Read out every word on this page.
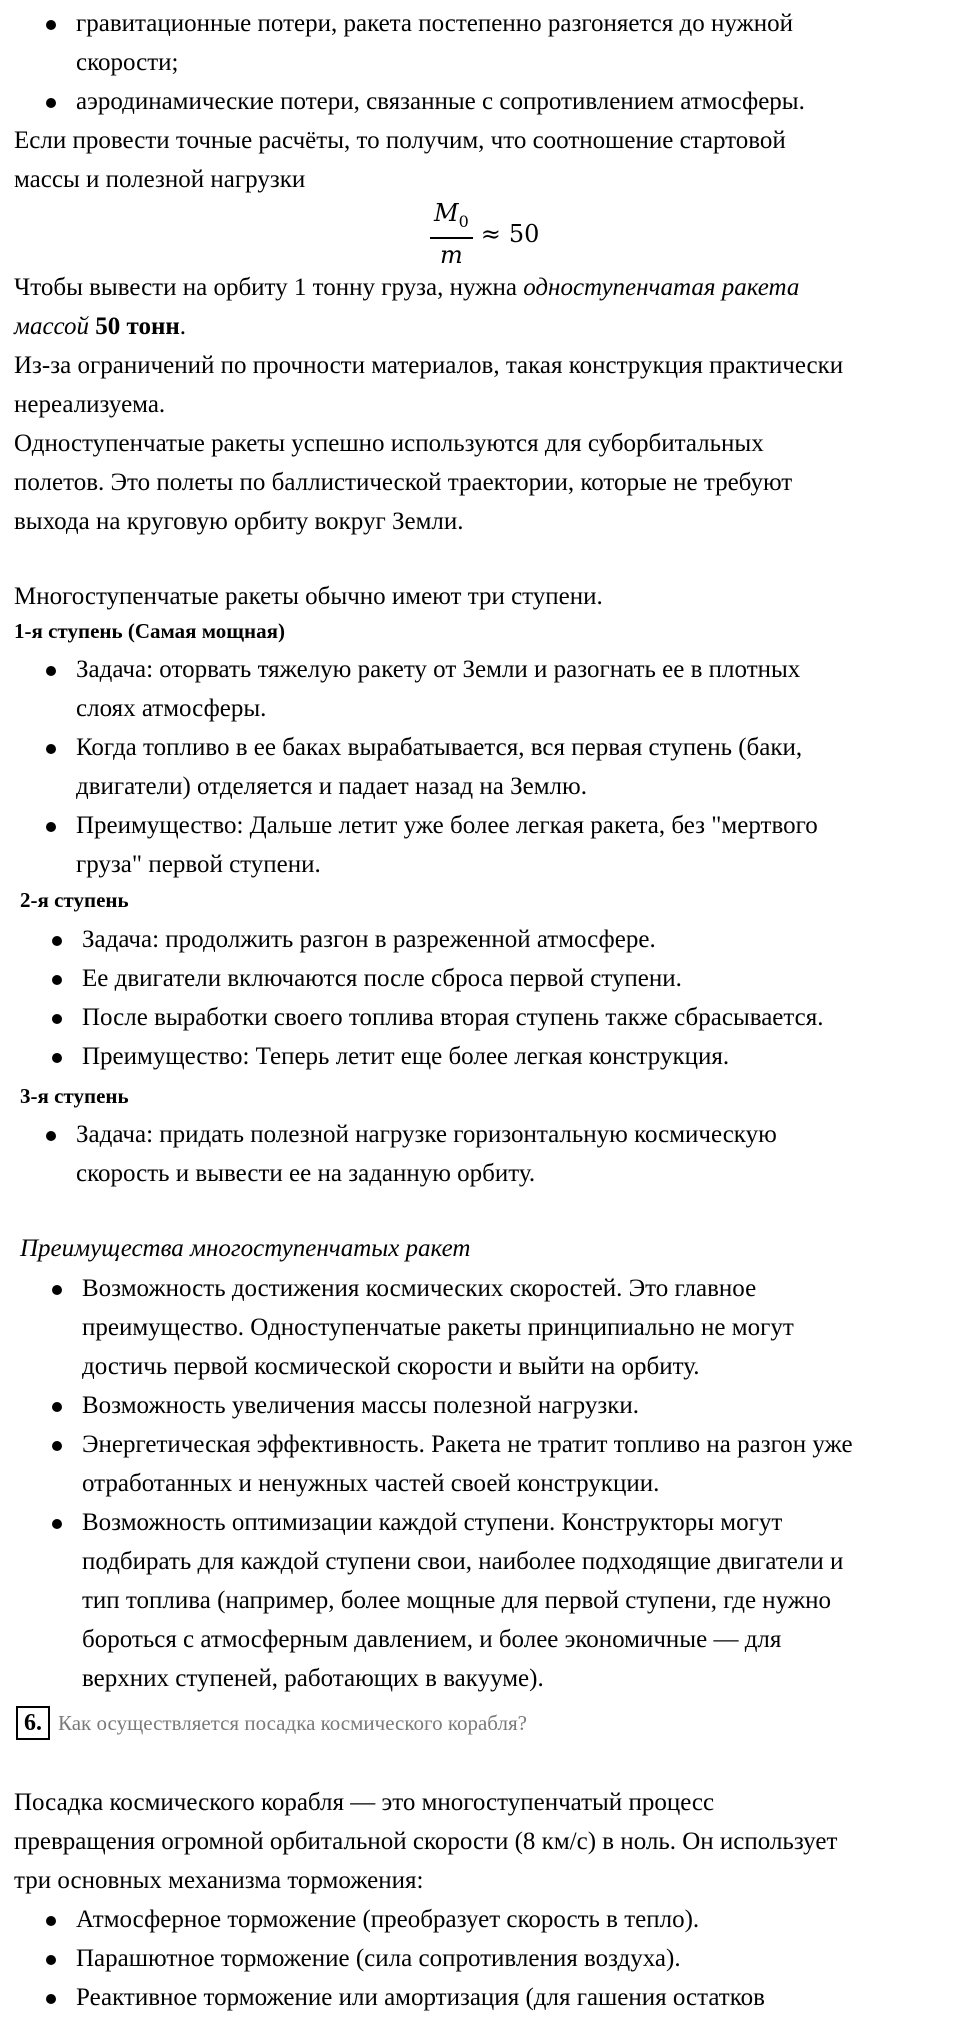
гравитационные потери, ракета постепенно разгоняется до нужной
скорости;
аэродинамические потери, связанные с сопротивлением атмосферы.
Если провести точные расчёты, то получим, что соотношение стартовой
массы и полезной нагрузки
$\frac{M_0}{m} \approx 50$
Чтобы вывести на орбиту 1 тонну груза, нужна одноступенчатая ракета
массой 50 тонн.
Из-за ограничений по прочности материалов, такая конструкция практически
нереализуема.
Одноступенчатые ракеты успешно используются для суборбитальных
полетов. Это полеты по баллистической траектории, которые не требуют
выхода на круговую орбиту вокруг Земли.
Многоступенчатые ракеты обычно имеют три ступени.
1-я ступень (Самая мощная)
Задача: оторвать тяжелую ракету от Земли и разогнать ее в плотных
слоях атмосферы.
Когда топливо в ее баках вырабатывается, вся первая ступень (баки,
двигатели) отделяется и падает назад на Землю.
Преимущество: Дальше летит уже более легкая ракета, без "мертвого
груза" первой ступени.
2-я ступень
Задача: продолжить разгон в разреженной атмосфере.
Ее двигатели включаются после сброса первой ступени.
После выработки своего топлива вторая ступень также сбрасывается.
Преимущество: Теперь летит еще более легкая конструкция.
3-я ступень
Задача: придать полезной нагрузке горизонтальную космическую
скорость и вывести ее на заданную орбиту.
Преимущества многоступенчатых ракет
Возможность достижения космических скоростей. Это главное
преимущество. Одноступенчатые ракеты принципиально не могут
достичь первой космической скорости и выйти на орбиту.
Возможность увеличения массы полезной нагрузки.
Энергетическая эффективность. Ракета не тратит топливо на разгон уже
отработанных и ненужных частей своей конструкции.
Возможность оптимизации каждой ступени. Конструкторы могут
подбирать для каждой ступени свои, наиболее подходящие двигатели и
тип топлива (например, более мощные для первой ступени, где нужно
бороться с атмосферным давлением, и более экономичные — для
верхних ступеней, работающих в вакууме).
6. Как осуществляется посадка космического корабля?
Посадка космического корабля — это многоступенчатый процесс
превращения огромной орбитальной скорости (8 км/с) в ноль. Он использует
три основных механизма торможения:
Атмосферное торможение (преобразует скорость в тепло).
Парашютное торможение (сила сопротивления воздуха).
Реактивное торможение или амортизация (для гашения остатков
